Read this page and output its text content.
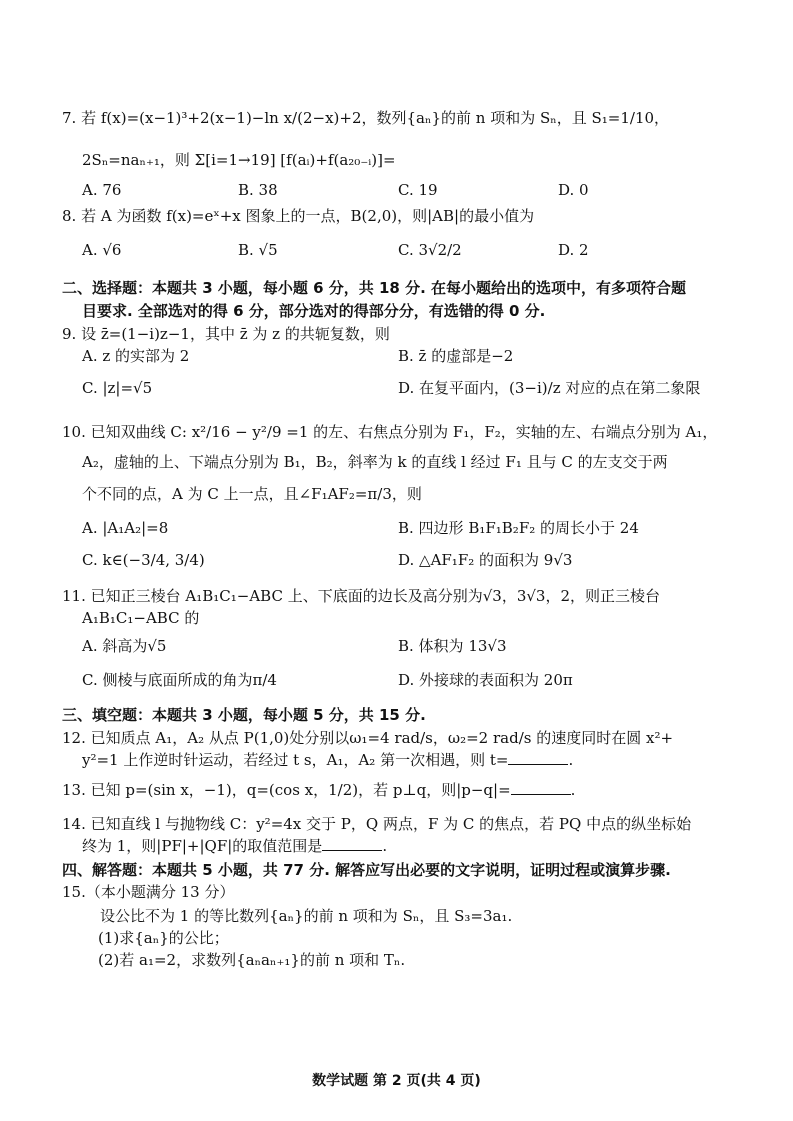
7. 若 f(x)=(x−1)³+2(x−1)−ln x/(2−x)+2，数列{aₙ}的前 n 项和为 Sₙ，且 S₁=1/10，
2Sₙ=naₙ₊₁，则 Σ[i=1→19] [f(aᵢ)+f(a₂₀₋ᵢ)]=
A. 76	B. 38	C. 19	D. 0
8. 若 A 为函数 f(x)=eˣ+x 图象上的一点，B(2,0)，则|AB|的最小值为
A. √6	B. √5	C. 3√2/2	D. 2
二、选择题：本题共 3 小题，每小题 6 分，共 18 分. 在每小题给出的选项中，有多项符合题
目要求. 全部选对的得 6 分，部分选对的得部分分，有选错的得 0 分.
9. 设 z̄=(1−i)z−1，其中 z̄ 为 z 的共轭复数，则
A. z 的实部为 2	B. z̄ 的虚部是−2
C. |z|=√5	D. 在复平面内，(3−i)/z 对应的点在第二象限
10. 已知双曲线 C: x²/16 − y²/9 =1 的左、右焦点分别为 F₁，F₂，实轴的左、右端点分别为 A₁，
A₂，虚轴的上、下端点分别为 B₁，B₂，斜率为 k 的直线 l 经过 F₁ 且与 C 的左支交于两
个不同的点，A 为 C 上一点，且∠F₁AF₂=π/3，则
A. |A₁A₂|=8	B. 四边形 B₁F₁B₂F₂ 的周长小于 24
C. k∈(−3/4, 3/4)	D. △AF₁F₂ 的面积为 9√3
11. 已知正三棱台 A₁B₁C₁−ABC 上、下底面的边长及高分别为√3，3√3，2，则正三棱台
A₁B₁C₁−ABC 的
A. 斜高为√5	B. 体积为 13√3
C. 侧棱与底面所成的角为π/4	D. 外接球的表面积为 20π
三、填空题：本题共 3 小题，每小题 5 分，共 15 分.
12. 已知质点 A₁，A₂ 从点 P(1,0)处分别以ω₁=4 rad/s，ω₂=2 rad/s 的速度同时在圆 x²+
y²=1 上作逆时针运动，若经过 t s，A₁，A₂ 第一次相遇，则 t=	.
13. 已知 p=(sin x，−1)，q=(cos x，1/2)，若 p⊥q，则|p−q|=	.
14. 已知直线 l 与抛物线 C：y²=4x 交于 P，Q 两点，F 为 C 的焦点，若 PQ 中点的纵坐标始
终为 1，则|PF|+|QF|的取值范围是	.
四、解答题：本题共 5 小题，共 77 分. 解答应写出必要的文字说明，证明过程或演算步骤.
15.（本小题满分 13 分）
设公比不为 1 的等比数列{aₙ}的前 n 项和为 Sₙ，且 S₃=3a₁.
(1)求{aₙ}的公比；
(2)若 a₁=2，求数列{aₙaₙ₊₁}的前 n 项和 Tₙ.
数学试题 第 2 页(共 4 页)
